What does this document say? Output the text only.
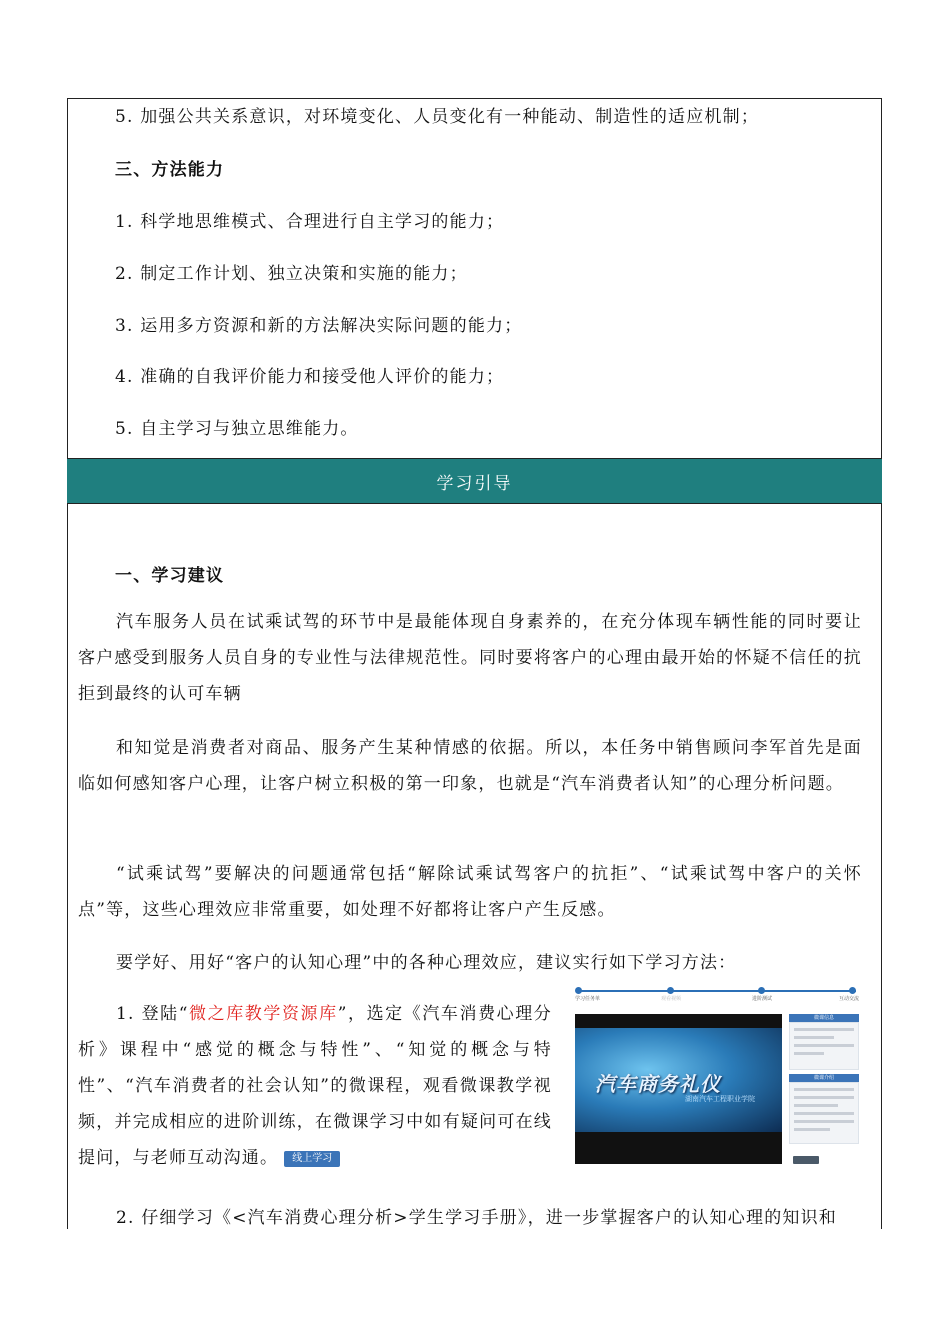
5. 加强公共关系意识，对环境变化、人员变化有一种能动、制造性的适应机制；
三、方法能力
1. 科学地思维模式、合理进行自主学习的能力；
2. 制定工作计划、独立决策和实施的能力；
3. 运用多方资源和新的方法解决实际问题的能力；
4. 准确的自我评价能力和接受他人评价的能力；
5. 自主学习与独立思维能力。
学习引导
一、学习建议
汽车服务人员在试乘试驾的环节中是最能体现自身素养的，在充分体现车辆性能的同时要让客户感受到服务人员自身的专业性与法律规范性。同时要将客户的心理由最开始的怀疑不信任的抗拒到最终的认可车辆
和知觉是消费者对商品、服务产生某种情感的依据。所以，本任务中销售顾问李军首先是面临如何感知客户心理，让客户树立积极的第一印象，也就是“汽车消费者认知”的心理分析问题。
“试乘试驾”要解决的问题通常包括“解除试乘试驾客户的抗拒”、“试乘试驾中客户的关怀点”等，这些心理效应非常重要，如处理不好都将让客户产生反感。
要学好、用好“客户的认知心理”中的各种心理效应，建议实行如下学习方法：
1. 登陆“微之库教学资源库”，选定《汽车消费心理分析》课程中“感觉的概念与特性”、“知觉的概念与特性”、“汽车消费者的社会认知”的微课程，观看微课教学视频，并完成相应的进阶训练，在微课学习中如有疑问可在线提问，与老师互动沟通。 线上学习
学习任务单	观看视频	进阶测试	互动交流
汽车商务礼仪
湖南汽车工程职业学院
微课信息
微课介绍
2. 仔细学习《<汽车消费心理分析>学生学习手册》，进一步掌握客户的认知心理的知识和
